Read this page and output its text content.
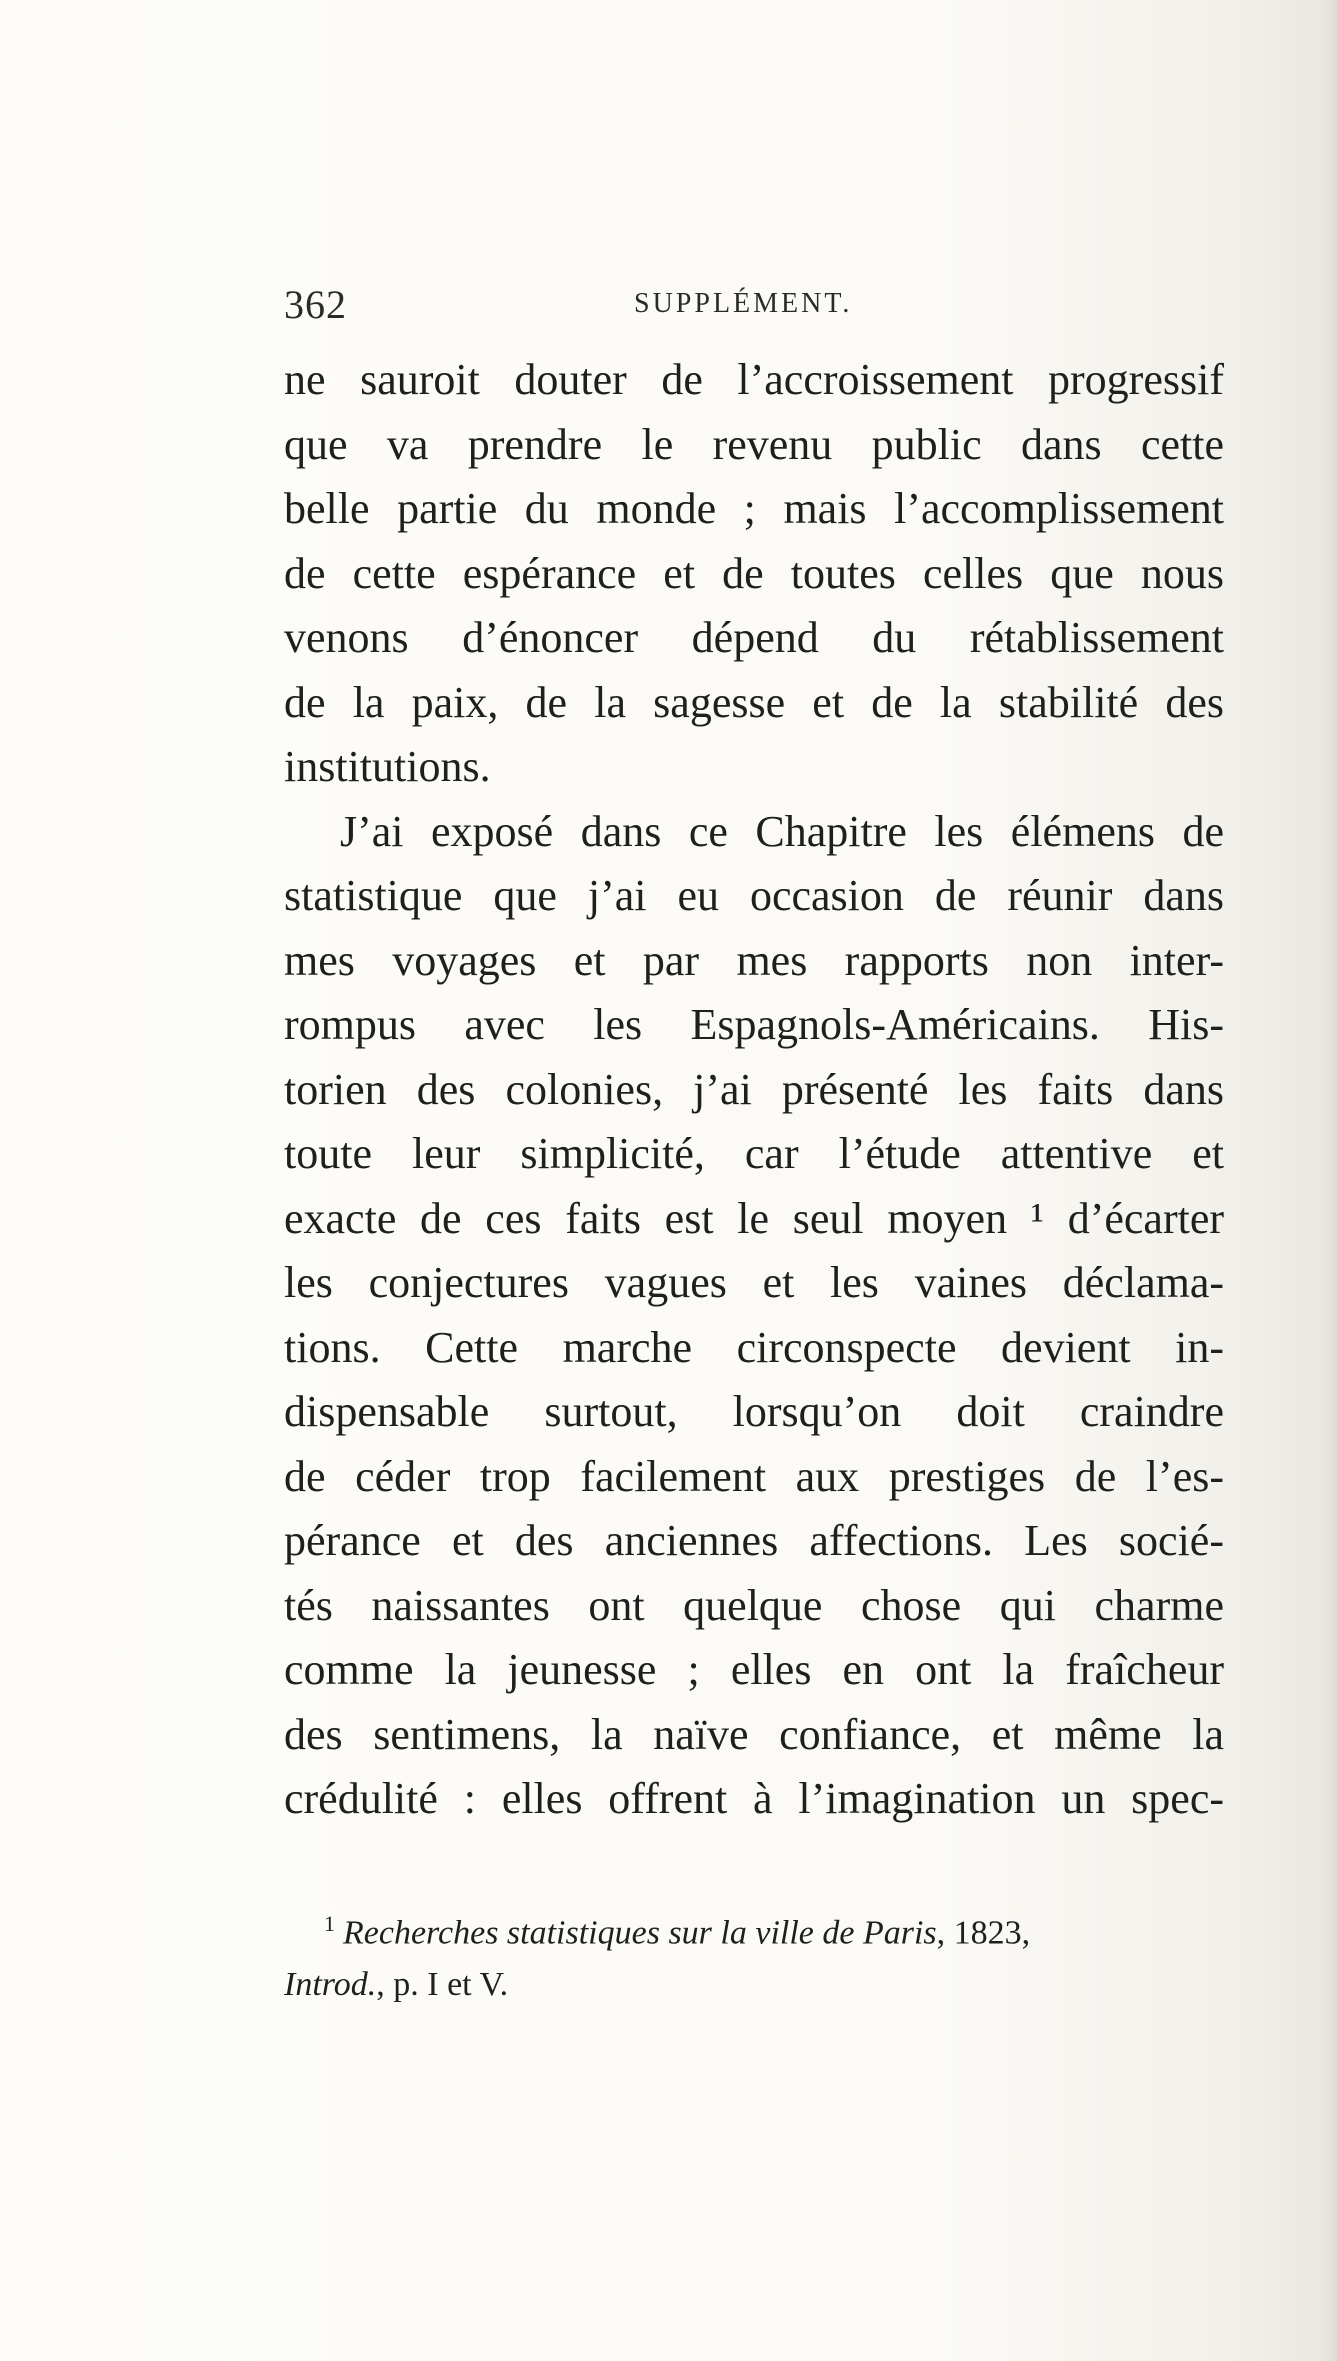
362	SUPPLÉMENT.
ne sauroit douter de l’accroissement progressif
que va prendre le revenu public dans cette
belle partie du monde ; mais l’accomplissement
de cette espérance et de toutes celles que nous
venons d’énoncer dépend du rétablissement
de la paix, de la sagesse et de la stabilité des
institutions.
J’ai exposé dans ce Chapitre les élémens de
statistique que j’ai eu occasion de réunir dans
mes voyages et par mes rapports non inter-
rompus avec les Espagnols-Américains. His-
torien des colonies, j’ai présenté les faits dans
toute leur simplicité, car l’étude attentive et
exacte de ces faits est le seul moyen ¹ d’écarter
les conjectures vagues et les vaines déclama-
tions. Cette marche circonspecte devient in-
dispensable surtout, lorsqu’on doit craindre
de céder trop facilement aux prestiges de l’es-
pérance et des anciennes affections. Les socié-
tés naissantes ont quelque chose qui charme
comme la jeunesse ; elles en ont la fraîcheur
des sentimens, la naïve confiance, et même la
crédulité : elles offrent à l’imagination un spec-
$^1$ Recherches statistiques sur la ville de Paris, 1823,
Introd., p. I et V.
